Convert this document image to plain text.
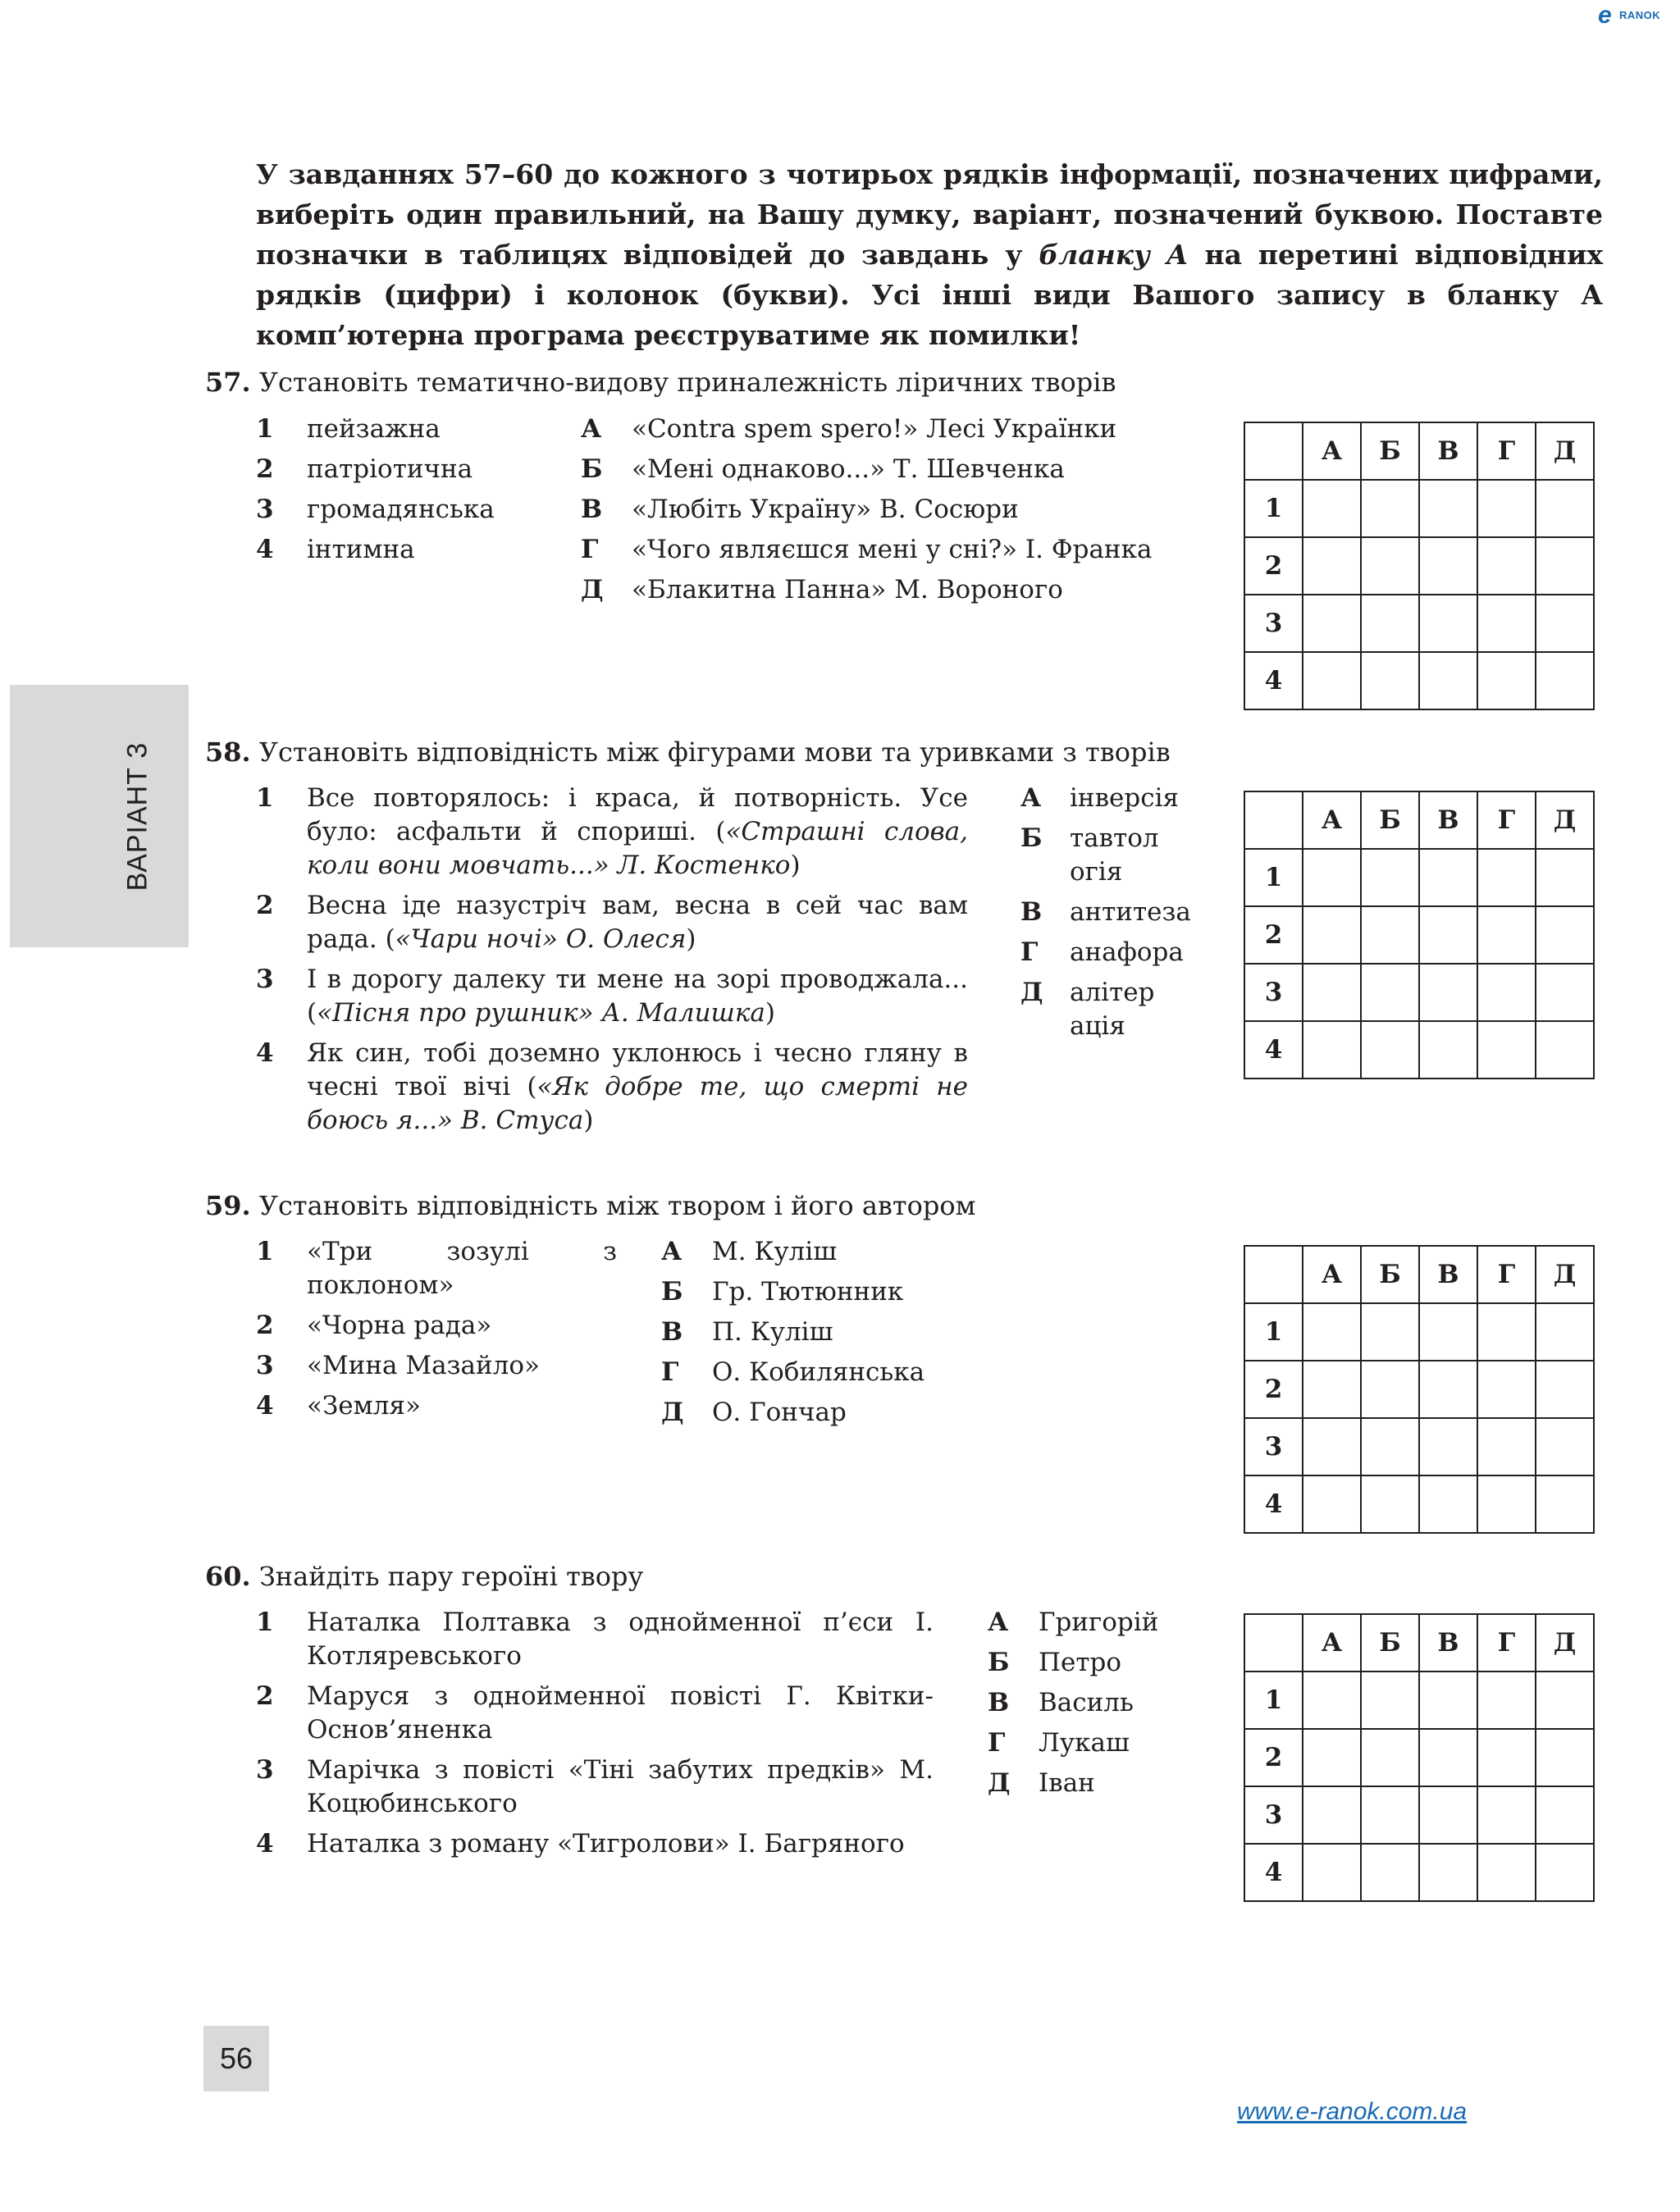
e RANOK
ВАРІАНТ 3

У завданнях 57–60 до кожного з чотирьох рядків інформації, позначених цифрами, виберіть один правильний, на Вашу думку, варіант, позначений буквою. Поставте позначки в таблицях відповідей до завдань у бланку А на перетині відповідних рядків (цифри) і колонок (букви). Усі інші види Вашого запису в бланку А комп’ютерна програма реєструватиме як помилки!

57. Установіть тематично-видову приналежність ліричних творів
1	пейзажна
2	патріотична
3	громадянська
4	інтимна
А	«Contra spem spero!» Лесі Українки
Б	«Мені однаково...» Т. Шевченка
В	«Любіть Україну» В. Сосюри
Г	«Чого являєшся мені у сні?» І. Франка
Д	«Блакитна Панна» М. Вороного
	А	Б	В	Г	Д
1					
2					
3					
4					
58. Установіть відповідність між фігурами мови та уривками з творів
1	Все повторялось: і краса, й потворність. Усе було: асфальти й спориші. («Страшні слова, коли вони мовчать...» Л. Костенко)
2	Весна іде назустріч вам, весна в сей час вам рада. («Чари ночі» О. Олеся)
3	І в дорогу далеку ти мене на зорі проводжала... («Пісня про рушник» А. Малишка)
4	Як син, тобі доземно уклонюсь і чесно гляну в чесні твої вічі («Як добре те, що смерті не боюсь я...» В. Стуса)
А	інверсія
Б	тавтологія
В	антитеза
Г	анафора
Д	алітерація
	А	Б	В	Г	Д
1					
2					
3					
4					
59. Установіть відповідність між твором і його автором
1	«Три зозулі з поклоном»
2	«Чорна рада»
3	«Мина Мазайло»
4	«Земля»
А	М. Куліш
Б	Гр. Тютюнник
В	П. Куліш
Г	О. Кобилянська
Д	О. Гончар
	А	Б	В	Г	Д
1					
2					
3					
4					
60. Знайдіть пару героїні твору
1	Наталка Полтавка з однойменної п’єси І. Котляревського
2	Маруся з однойменної повісті Г. Квітки-Основ’яненка
3	Марічка з повісті «Тіні забутих предків» М. Коцюбинського
4	Наталка з роману «Тигролови» І. Багряного
А	Григорій
Б	Петро
В	Василь
Г	Лукаш
Д	Іван
	А	Б	В	Г	Д
1					
2					
3					
4					
56
www.e-ranok.com.ua
